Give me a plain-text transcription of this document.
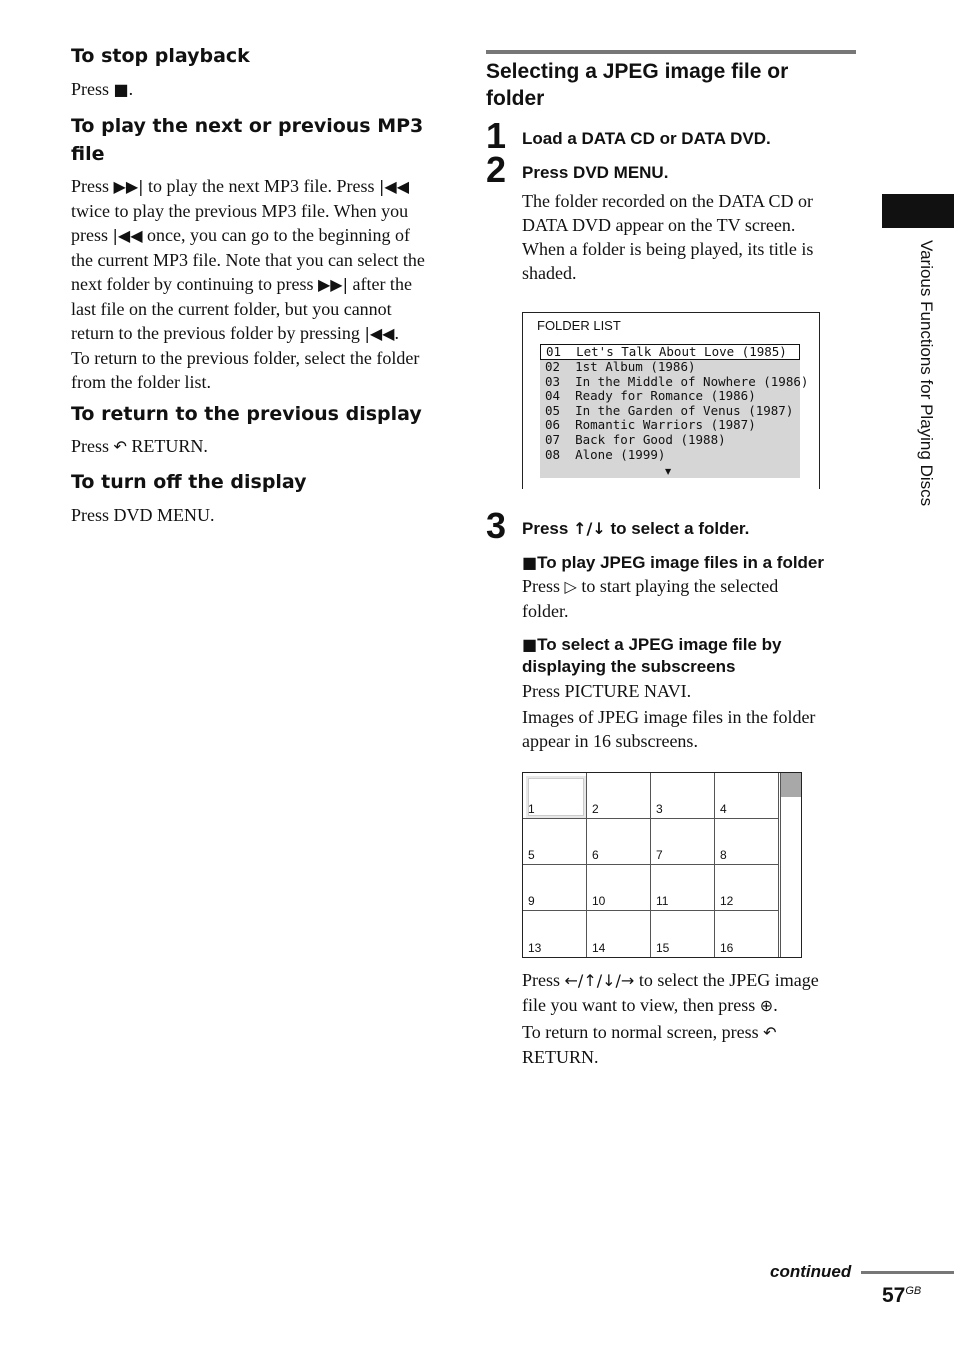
To stop playback
Press ■.
To play the next or previous MP3
file
Press ▶▶| to play the next MP3 file. Press |◀◀
twice to play the previous MP3 file. When you
press |◀◀ once, you can go to the beginning of
the current MP3 file. Note that you can select the
next folder by continuing to press ▶▶| after the
last file on the current folder, but you cannot
return to the previous folder by pressing |◀◀.
To return to the previous folder, select the folder
from the folder list.
To return to the previous display
Press ↶ RETURN.
To turn off the display
Press DVD MENU.
Selecting a JPEG image file or
folder
1 Load a DATA CD or DATA DVD.
2 Press DVD MENU.
The folder recorded on the DATA CD or
DATA DVD appear on the TV screen.
When a folder is being played, its title is
shaded.
FOLDER LIST
01  Let's Talk About Love (1985)
02  1st Album (1986)
03  In the Middle of Nowhere (1986)
04  Ready for Romance (1986)
05  In the Garden of Venus (1987)
06  Romantic Warriors (1987)
07  Back for Good (1988)
08  Alone (1999)
▼
3 Press ↑/↓ to select a folder.
■To play JPEG image files in a folder
Press ▷ to start playing the selected
folder.
■To select a JPEG image file by
displaying the subscreens
Press PICTURE NAVI.
Images of JPEG image files in the folder
appear in 16 subscreens.
1	2	3	4
5	6	7	8
9	10	11	12
13	14	15	16
Press ←/↑/↓/→ to select the JPEG image
file you want to view, then press ⊕.
To return to normal screen, press ↶
RETURN.
Various Functions for Playing Discs
continued
$57^{GB}$
